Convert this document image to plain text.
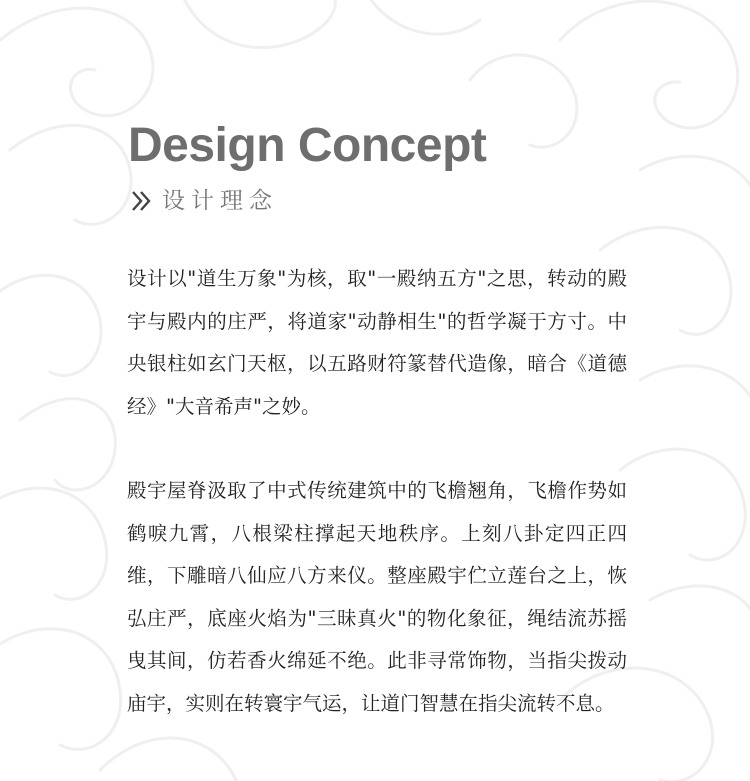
Design Concept
设计理念

设计以"道生万象"为核，取"一殿纳五方"之思，转动的殿宇与殿内的庄严，将道家"动静相生"的哲学凝于方寸。中央银柱如玄门天枢，以五路财符篆替代造像，暗合《道德经》"大音希声"之妙。

殿宇屋脊汲取了中式传统建筑中的飞檐翘角，飞檐作势如鹤唳九霄，八根梁柱撑起天地秩序。上刻八卦定四正四维，下雕暗八仙应八方来仪。整座殿宇伫立莲台之上，恢弘庄严，底座火焰为"三昧真火"的物化象征，绳结流苏摇曳其间，仿若香火绵延不绝。此非寻常饰物，当指尖拨动庙宇，实则在转寰宇气运，让道门智慧在指尖流转不息。
